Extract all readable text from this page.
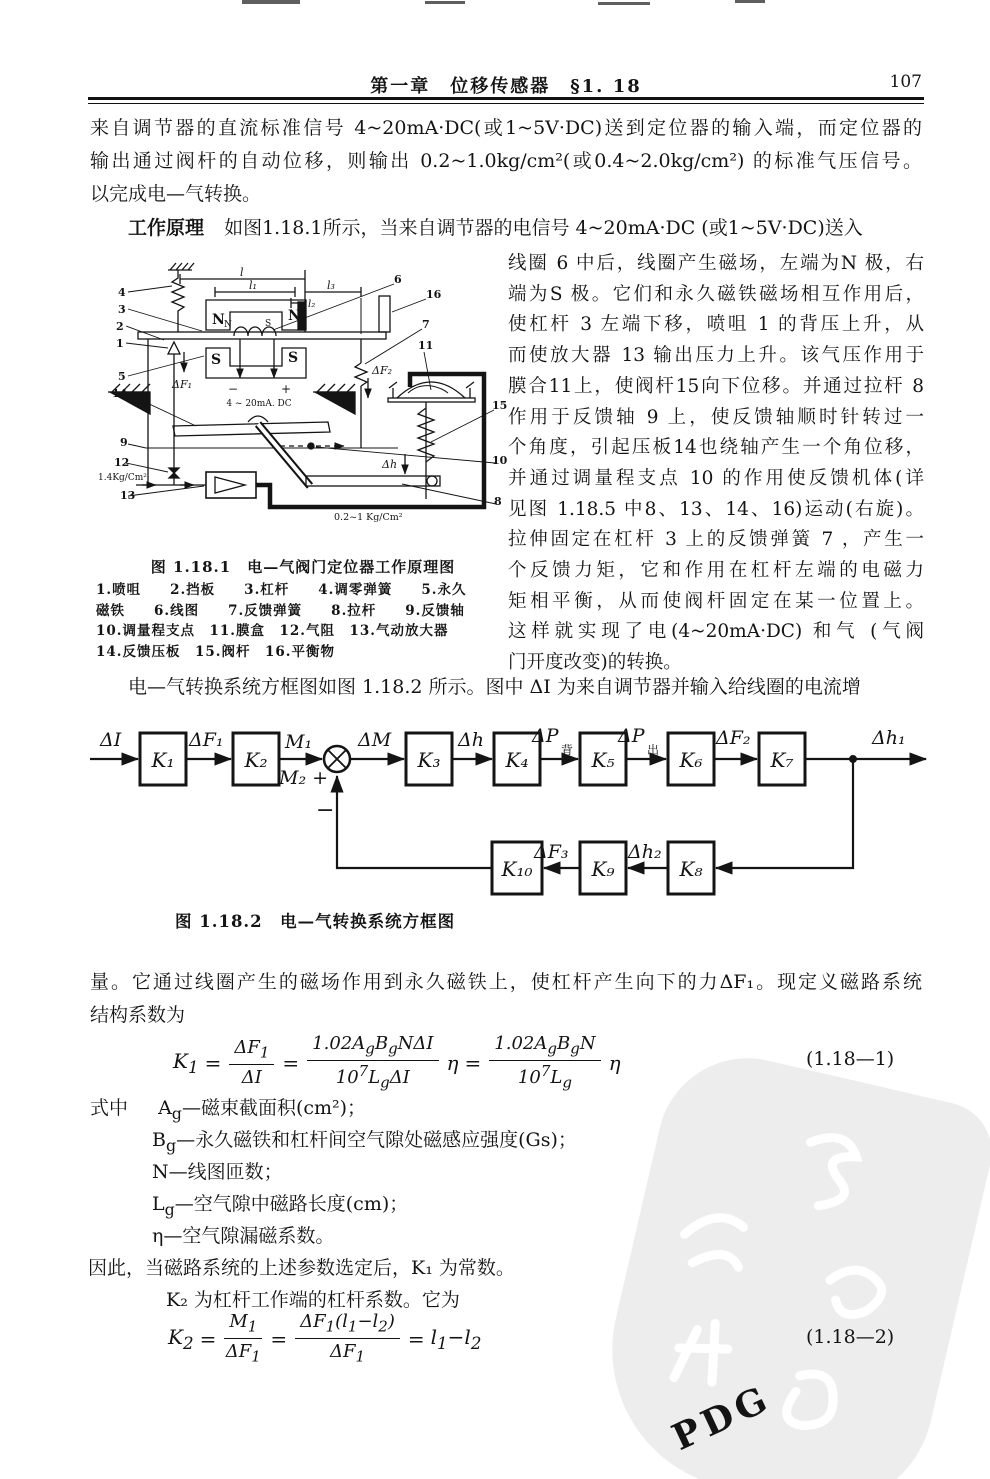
PDG
第一章　位移传感器　§1. 18	107
来自调节器的直流标准信号 4~20mA·DC(或1~5V·DC)送到定位器的输入端，而定位器的
输出通过阀杆的自动位移，则输出 0.2~1.0kg/cm²(或0.4~2.0kg/cm²) 的标准气压信号。
以完成电—气转换。
工作原理 如图1.18.1所示，当来自调节器的电信号 4~20mA·DC (或1~5V·DC)送入
4
3
2
1
5
14
9
12
13
6
16
7
11
15
10
8
l
l₁	l₃
l₂
N	N
S	S
N	S
−	+
4 ~ 20mA. DC
ΔF₁
ΔF₂
Δh
1.4Kg/Cm²
0.2~1 Kg/Cm²
图 1.18.1　电—气阀门定位器工作原理图
1.喷咀　　2.挡板　　3.杠杆　　4.调零弹簧　　5.永久
磁铁　　6.线图　　7.反馈弹簧　　8.拉杆　　9.反馈轴
10.调量程支点　11.膜盒　12.气阻　13.气动放大器
14.反馈压板　15.阀杆　16.平衡物
线圈 6 中后，线圈产生磁场，左端为N 极，右
端为S 极。它们和永久磁铁磁场相互作用后，
使杠杆 3 左端下移，喷咀 1 的背压上升，从
而使放大器 13 输出压力上升。该气压作用于
膜合11上，使阀杆15向下位移。并通过拉杆 8
作用于反馈轴 9 上，使反馈轴顺时针转过一
个角度，引起压板14也绕轴产生一个角位移，
并通过调量程支点 10 的作用使反馈机体(详
见图 1.18.5 中8、13、14、16)运动(右旋)。
拉伸固定在杠杆 3 上的反馈弹簧 7 ，产生一
个反馈力矩，它和作用在杠杆左端的电磁力
矩相平衡，从而使阀杆固定在某一位置上。
这样就实现了电(4~20mA·DC) 和气 (气阀
门开度改变)的转换。
电—气转换系统方框图如图 1.18.2 所示。图中 ΔI 为来自调节器并输入给线圈的电流增
K₁	K₂	K₃	K₄	K₅	K₆	K₇
K₈
K₉
K₁₀
ΔI	ΔF₁	M₁
M₂ +
ΔM	Δh	ΔP
背
ΔP
出
ΔF₂	Δh₁
−
Δh₂
ΔF₃
图 1.18.2　电—气转换系统方框图
量。它通过线圈产生的磁场作用到永久磁铁上，使杠杆产生向下的力ΔF₁。现定义磁路系统
结构系数为
$K_1 = \frac{\Delta F_1}{\Delta I} = \frac{1.02A_gB_gN\Delta I}{10^7L_g\Delta I}$ $\eta = \frac{1.02A_gB_gN}{10^7L_g}$ η	(1.18—1)
式中 $A_g—$磁束截面积(cm²)；
$B_g—$永久磁铁和杠杆间空气隙处磁感应强度(Gs)；
N—线图匝数；
$L_g—$空气隙中磁路长度(cm)；
η—空气隙漏磁系数。
因此，当磁路系统的上述参数选定后，K₁ 为常数。
K₂ 为杠杆工作端的杠杆系数。它为
$K_2 = \frac{M_1}{\Delta F_1} = \frac{\Delta F_1(l_1-l_2)}{\Delta F_1} = l_1-l_2$	(1.18—2)
